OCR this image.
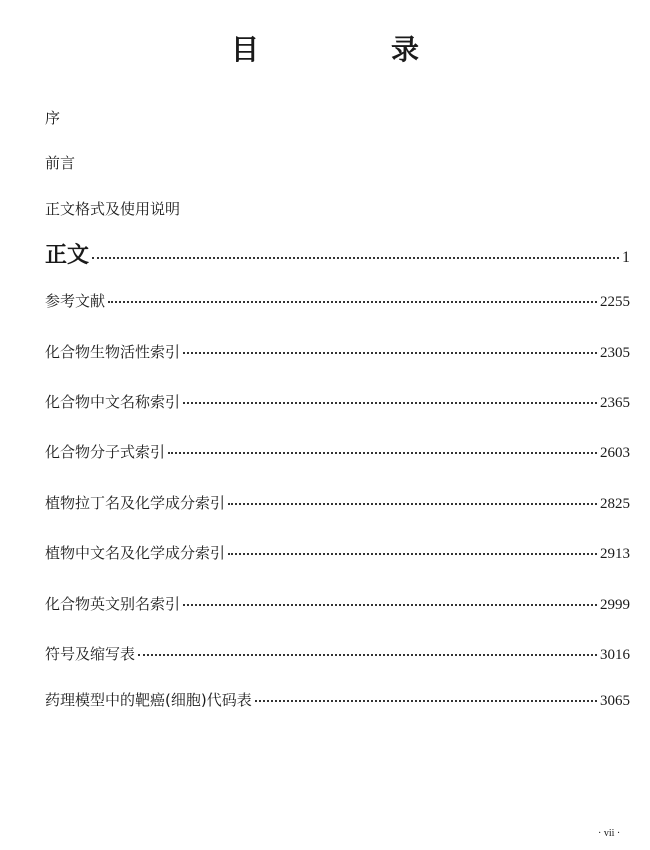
目　录
序
前言
正文格式及使用说明
正文	1
参考文献	2255
化合物生物活性索引	2305
化合物中文名称索引	2365
化合物分子式索引	2603
植物拉丁名及化学成分索引	2825
植物中文名及化学成分索引	2913
化合物英文别名索引	2999
符号及缩写表	3016
药理模型中的靶癌(细胞)代码表	3065
· vii ·
